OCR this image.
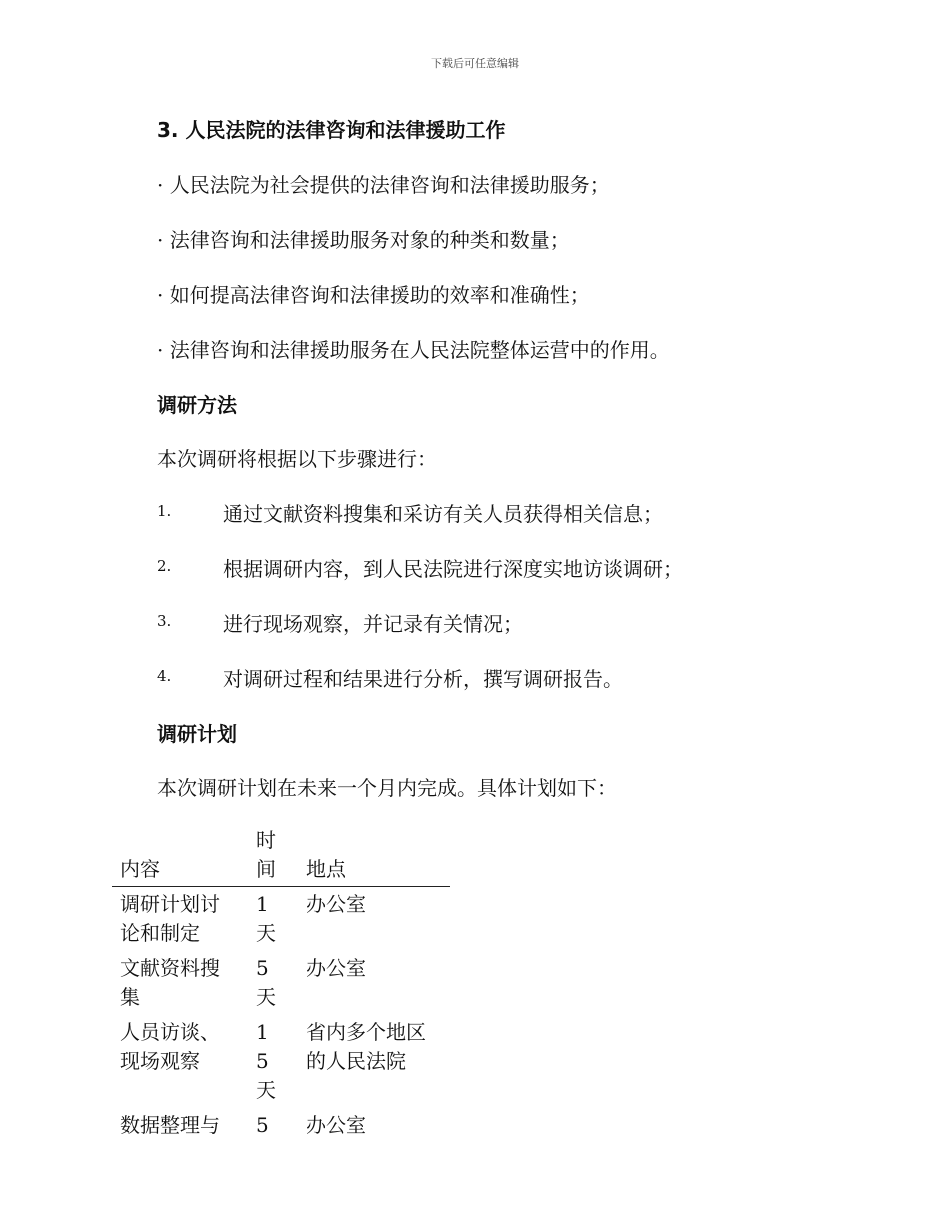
下载后可任意编辑
3. 人民法院的法律咨询和法律援助工作
· 人民法院为社会提供的法律咨询和法律援助服务；
· 法律咨询和法律援助服务对象的种类和数量；
· 如何提高法律咨询和法律援助的效率和准确性；
· 法律咨询和法律援助服务在人民法院整体运营中的作用。
调研方法
本次调研将根据以下步骤进行：
1.	通过文献资料搜集和采访有关人员获得相关信息；
2.	根据调研内容，到人民法院进行深度实地访谈调研；
3.	进行现场观察，并记录有关情况；
4.	对调研过程和结果进行分析，撰写调研报告。
调研计划
本次调研计划在未来一个月内完成。具体计划如下：
内容	时间	地点

调研计划讨论和制定	1天	办公室

文献资料搜集	5天	办公室

人员访谈、现场观察	15天	省内多个地区的人民法院

数据整理与	5	办公室
